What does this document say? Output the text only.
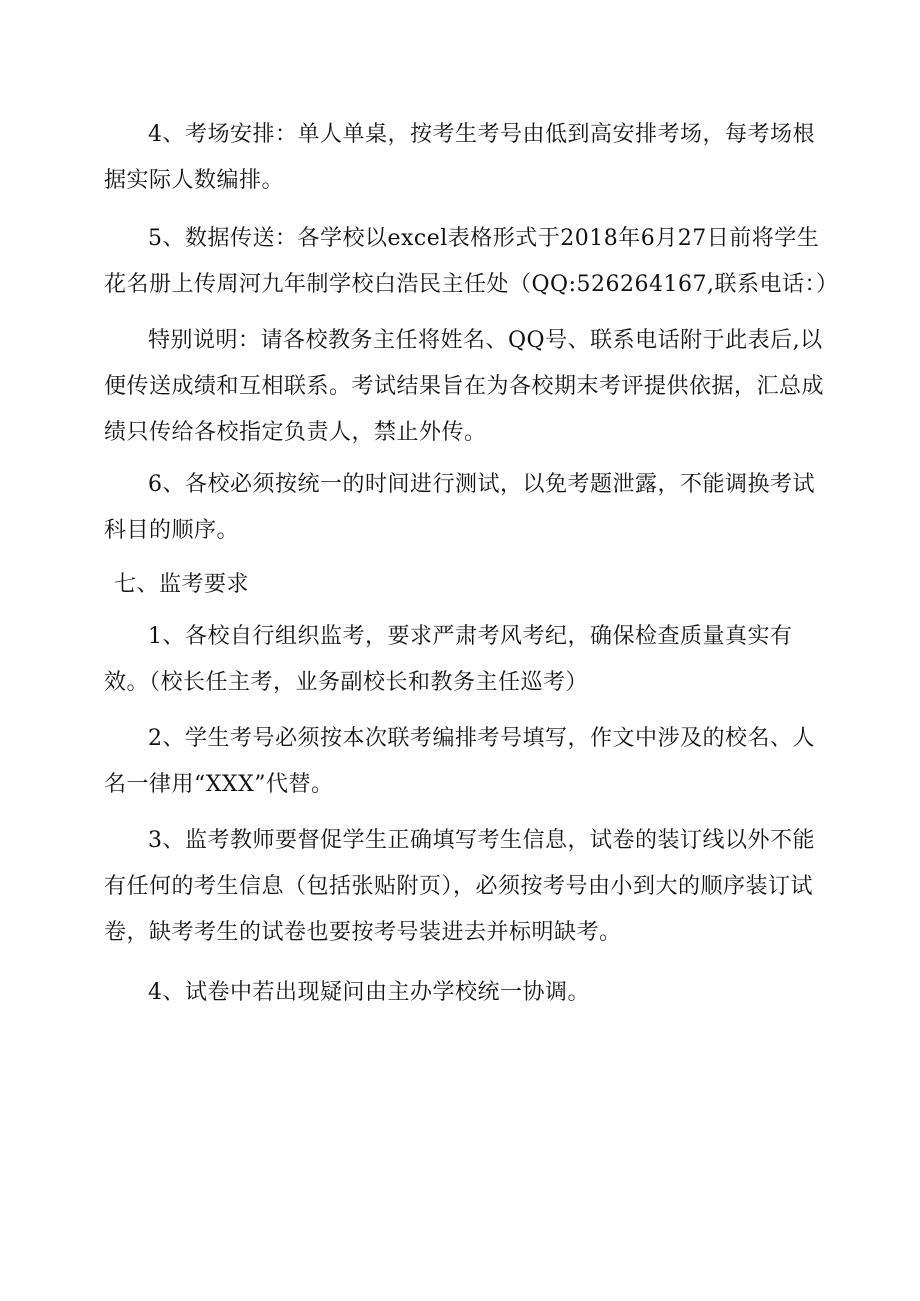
4、考场安排：单人单桌，按考生考号由低到高安排考场，每考场根据实际人数编排。

5、数据传送：各学校以excel表格形式于2018年6月27日前将学生花名册上传周河九年制学校白浩民主任处（QQ:526264167,联系电话：）

特别说明：请各校教务主任将姓名、QQ号、联系电话附于此表后,以便传送成绩和互相联系。考试结果旨在为各校期末考评提供依据，汇总成绩只传给各校指定负责人，禁止外传。

6、各校必须按统一的时间进行测试，以免考题泄露，不能调换考试科目的顺序。

七、监考要求

1、各校自行组织监考，要求严肃考风考纪，确保检查质量真实有效。（校长任主考，业务副校长和教务主任巡考）

2、学生考号必须按本次联考编排考号填写，作文中涉及的校名、人名一律用“XXX”代替。

3、监考教师要督促学生正确填写考生信息，试卷的装订线以外不能有任何的考生信息（包括张贴附页），必须按考号由小到大的顺序装订试卷，缺考考生的试卷也要按考号装进去并标明缺考。

4、试卷中若出现疑问由主办学校统一协调。
